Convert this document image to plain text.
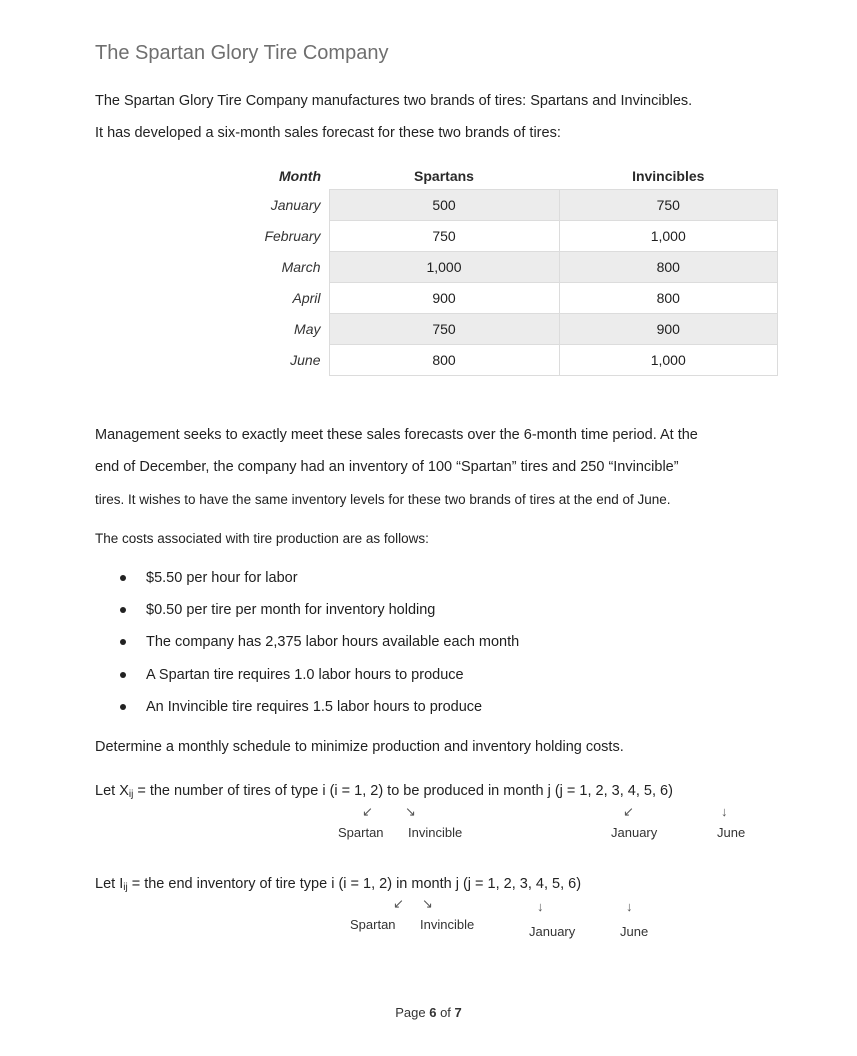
The Spartan Glory Tire Company
The Spartan Glory Tire Company manufactures two brands of tires: Spartans and Invincibles.
It has developed a six-month sales forecast for these two brands of tires:
Month	Spartans	Invincibles
January	500	750
February	750	1,000
March	1,000	800
April	900	800
May	750	900
June	800	1,000
Management seeks to exactly meet these sales forecasts over the 6-month time period. At the
end of December, the company had an inventory of 100 “Spartan” tires and 250 “Invincible”
tires. It wishes to have the same inventory levels for these two brands of tires at the end of June.
The costs associated with tire production are as follows:
$5.50 per hour for labor
$0.50 per tire per month for inventory holding
The company has 2,375 labor hours available each month
A Spartan tire requires 1.0 labor hours to produce
An Invincible tire requires 1.5 labor hours to produce
Determine a monthly schedule to minimize production and inventory holding costs.
Let $X_{ij}$ = the number of tires of type i (i = 1, 2) to be produced in month j (j = 1, 2, 3, 4, 5, 6)
↙ ↘	↙	↓
Spartan Invincible	January	June
Let $I_{ij}$ = the end inventory of tire type i (i = 1, 2) in month j (j = 1, 2, 3, 4, 5, 6)
↙ ↘	↓	↓
Spartan Invincible	January	June
Page 6 of 7
